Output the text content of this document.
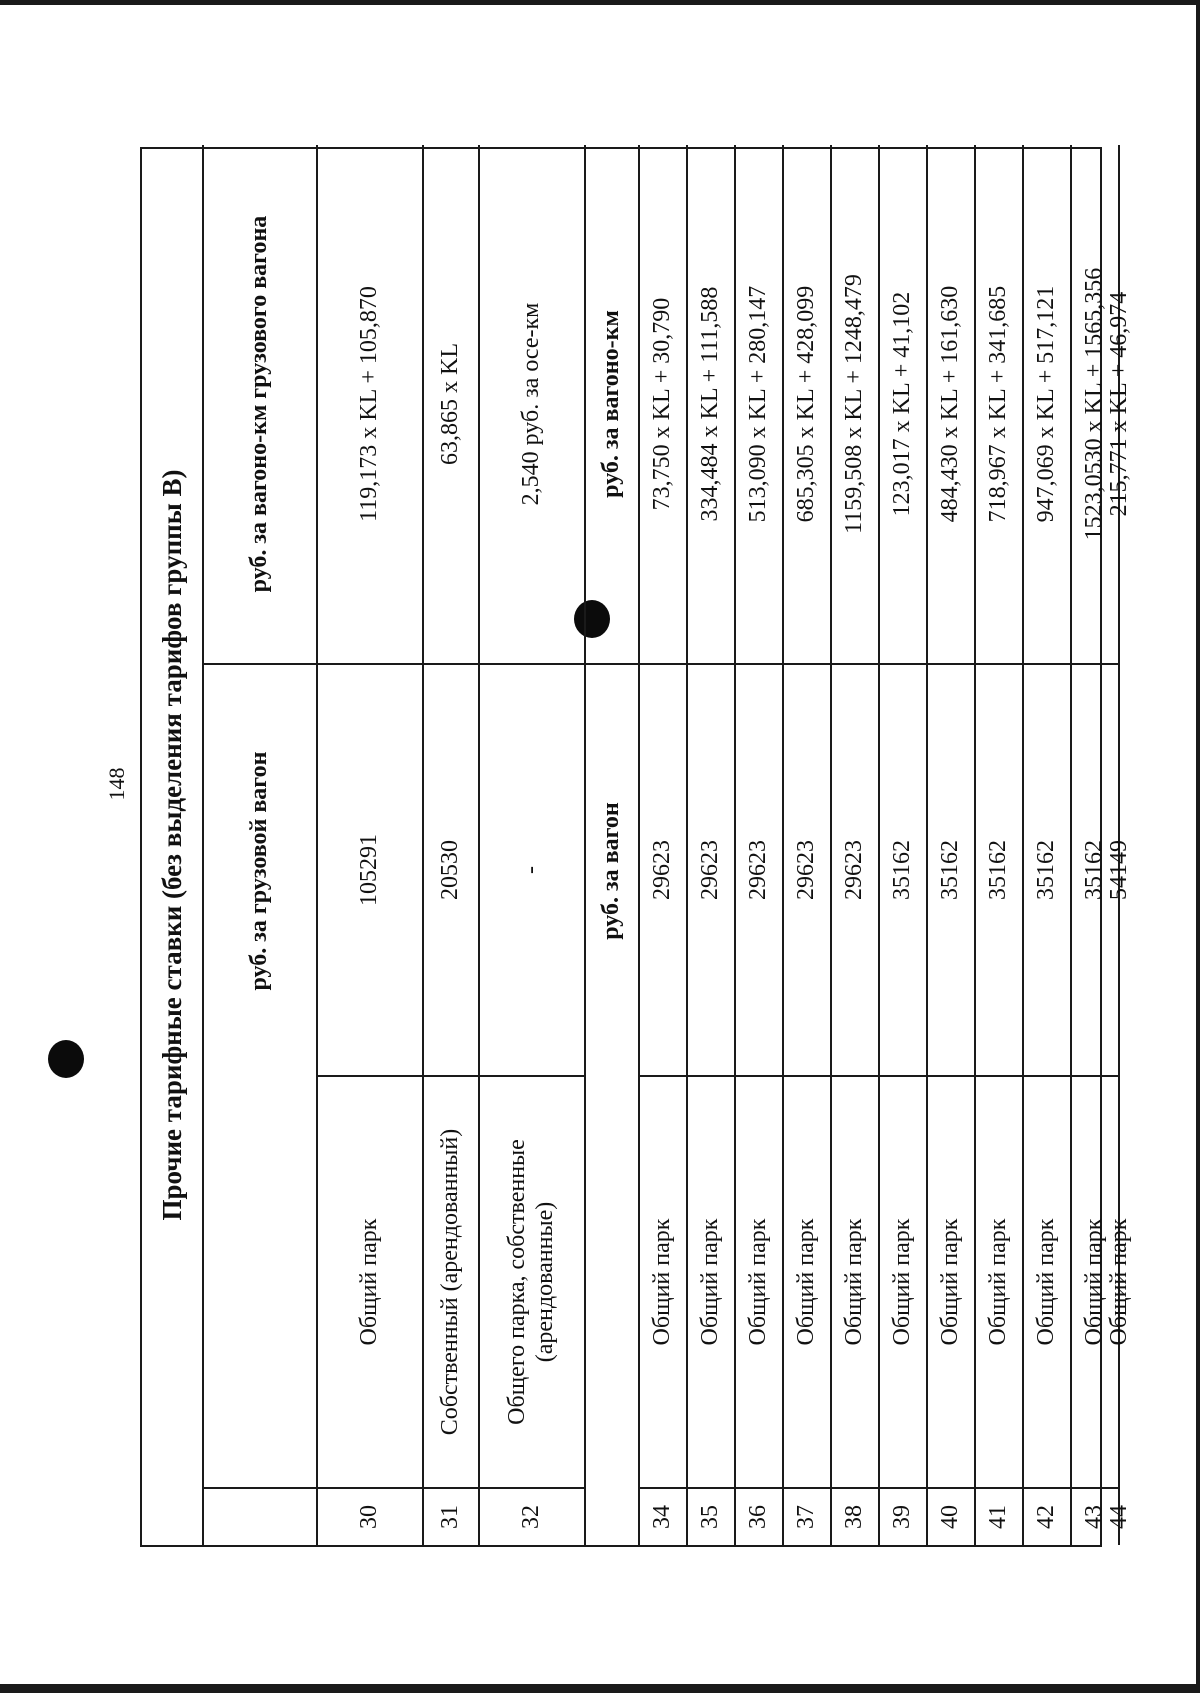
148	Прочие тарифные ставки (без выделения тарифов группы В)	руб. за грузовой вагон
руб. за вагоно-км грузового вагона
30
Общий парк
105291
119,173 x KL + 105,870
31
Собственный (арендованный)
20530
63,865 x KL
32
Общего парка, собственные (арендованные)
-
2,540 руб. за осе-км
руб. за вагон
руб. за вагоно-км
34
Общий парк
29623
73,750 x KL + 30,790
35
Общий парк
29623
334,484 x KL + 111,588
36
Общий парк
29623
513,090 x KL + 280,147
37
Общий парк
29623
685,305 x KL + 428,099
38
Общий парк
29623
1159,508 x KL + 1248,479
39
Общий парк
35162
123,017 x KL + 41,102
40
Общий парк
35162
484,430 x KL + 161,630
41
Общий парк
35162
718,967 x KL + 341,685
42
Общий парк
35162
947,069 x KL + 517,121
43
Общий парк
35162
1523,0530 x KL + 1565,356
44
Общий парк
54149
215,771 x KL + 46,974
